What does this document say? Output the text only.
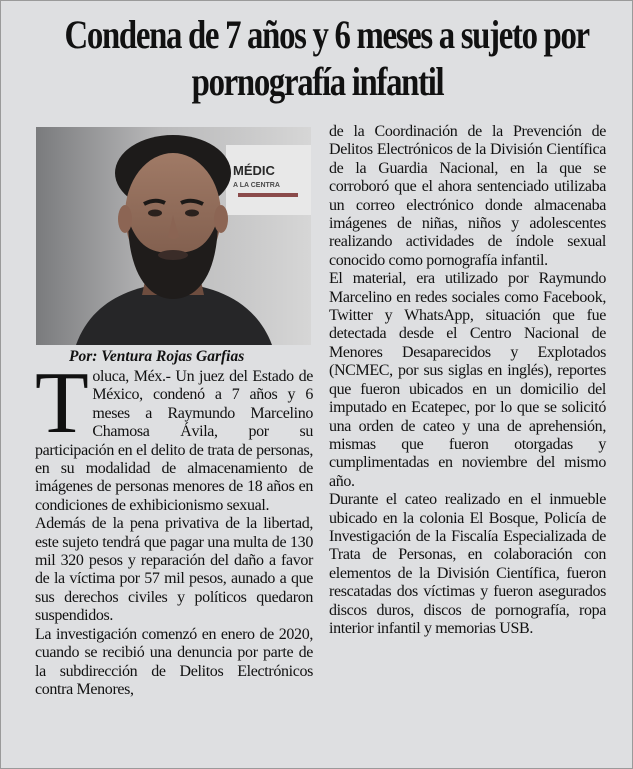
Condena de 7 años y 6 meses a sujeto por
pornografía infantil
MÉDIC
A LA CENTRA
Por: Ventura Rojas Garfias

Toluca, Méx.- Un juez del Estado de México, condenó a 7 años y 6 meses a Raymundo Marcelino Chamosa Ávila, por su participación en el delito de trata de personas, en su modalidad de almacenamiento de imágenes de personas menores de 18 años en condiciones de exhibicionismo sexual.

Además de la pena privativa de la libertad, este sujeto tendrá que pagar una multa de 130 mil 320 pesos y reparación del daño a favor de la víctima por 57 mil pesos, aunado a que sus derechos civiles y políticos quedaron suspendidos.

La investigación comenzó en enero de 2020, cuando se recibió una denuncia por parte de la subdirección de Delitos Electrónicos contra Menores,

de la Coordinación de la Prevención de Delitos Electrónicos de la División Científica de la Guardia Nacional, en la que se corroboró que el ahora sentenciado utilizaba un correo electrónico donde almacenaba imágenes de niñas, niños y adolescentes realizando actividades de índole sexual conocido como pornografía infantil.

El material, era utilizado por Raymundo Marcelino en redes sociales como Facebook, Twitter y WhatsApp, situación que fue detectada desde el Centro Nacional de Menores Desaparecidos y Explotados (NCMEC, por sus siglas en inglés), reportes que fueron ubicados en un domicilio del imputado en Ecatepec, por lo que se solicitó una orden de cateo y una de aprehensión, mismas que fueron otorgadas y cumplimentadas en noviembre del mismo año.

Durante el cateo realizado en el inmueble ubicado en la colonia El Bosque, Policía de Investigación de la Fiscalía Especializada de Trata de Personas, en colaboración con elementos de la División Científica, fueron rescatadas dos víctimas y fueron asegurados discos duros, discos de pornografía, ropa interior infantil y memorias USB.
